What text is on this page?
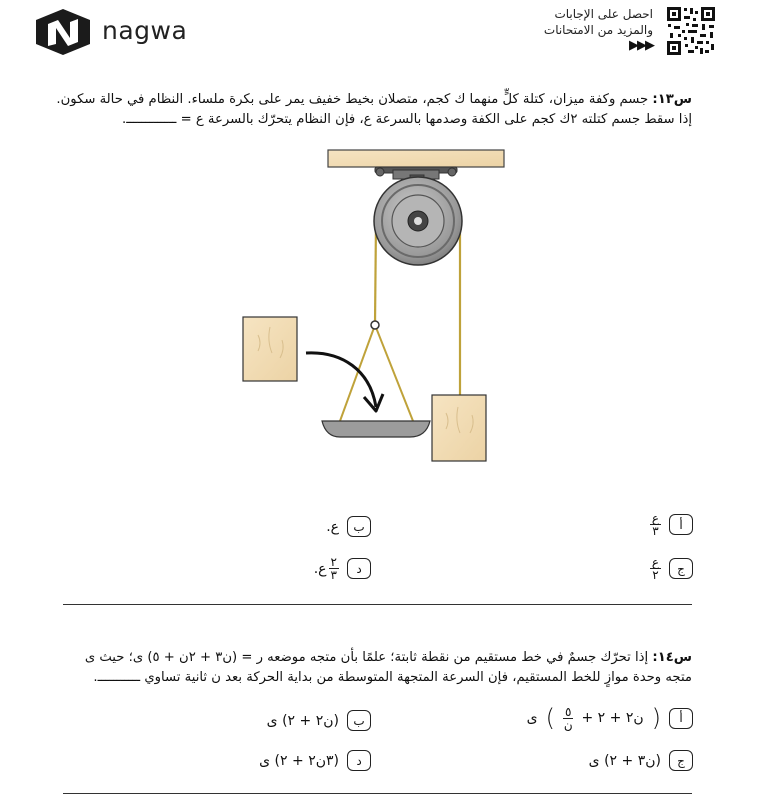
nagwa
احصل على الإجابات
والمزيد من الامتحانات
▶▶▶
س١٣: جسم وكفة ميزان، كتلة كلٍّ منهما ك كجم، متصلان بخيط خفيف يمر على بكرة ملساء. النظام في حالة سكون.
إذا سقط جسم كتلته ٢ك كجم على الكفة وصدمها بالسرعة ع، فإن النظام يتحرّك بالسرعة ع = ـــــــــــــ.
أ
$\frac{\text{ع}}{٣}$
ب
ع.
ج
$\frac{\text{ع}}{٢}$
د
$\frac{٢}{٣}$
ع.
س١٤: إذا تحرّك جسمٌ في خط مستقيم من نقطة ثابتة؛ علمًا بأن متجه موضعه ر = (ن٣ + ٢ن + ٥) ى؛ حيث ى
متجه وحدة موازٍ للخط المستقيم، فإن السرعة المتجهة المتوسطة من بداية الحركة بعد ن ثانية تساوي ـــــــــــ.
أ
(
ن٢ + ٢ +
$\frac{٥}{\text{ن}}$
)
ى
ب
(ن٢ + ٢) ى
ج
(ن٣ + ٢) ى
د
(٣ن٢ + ٢) ى
